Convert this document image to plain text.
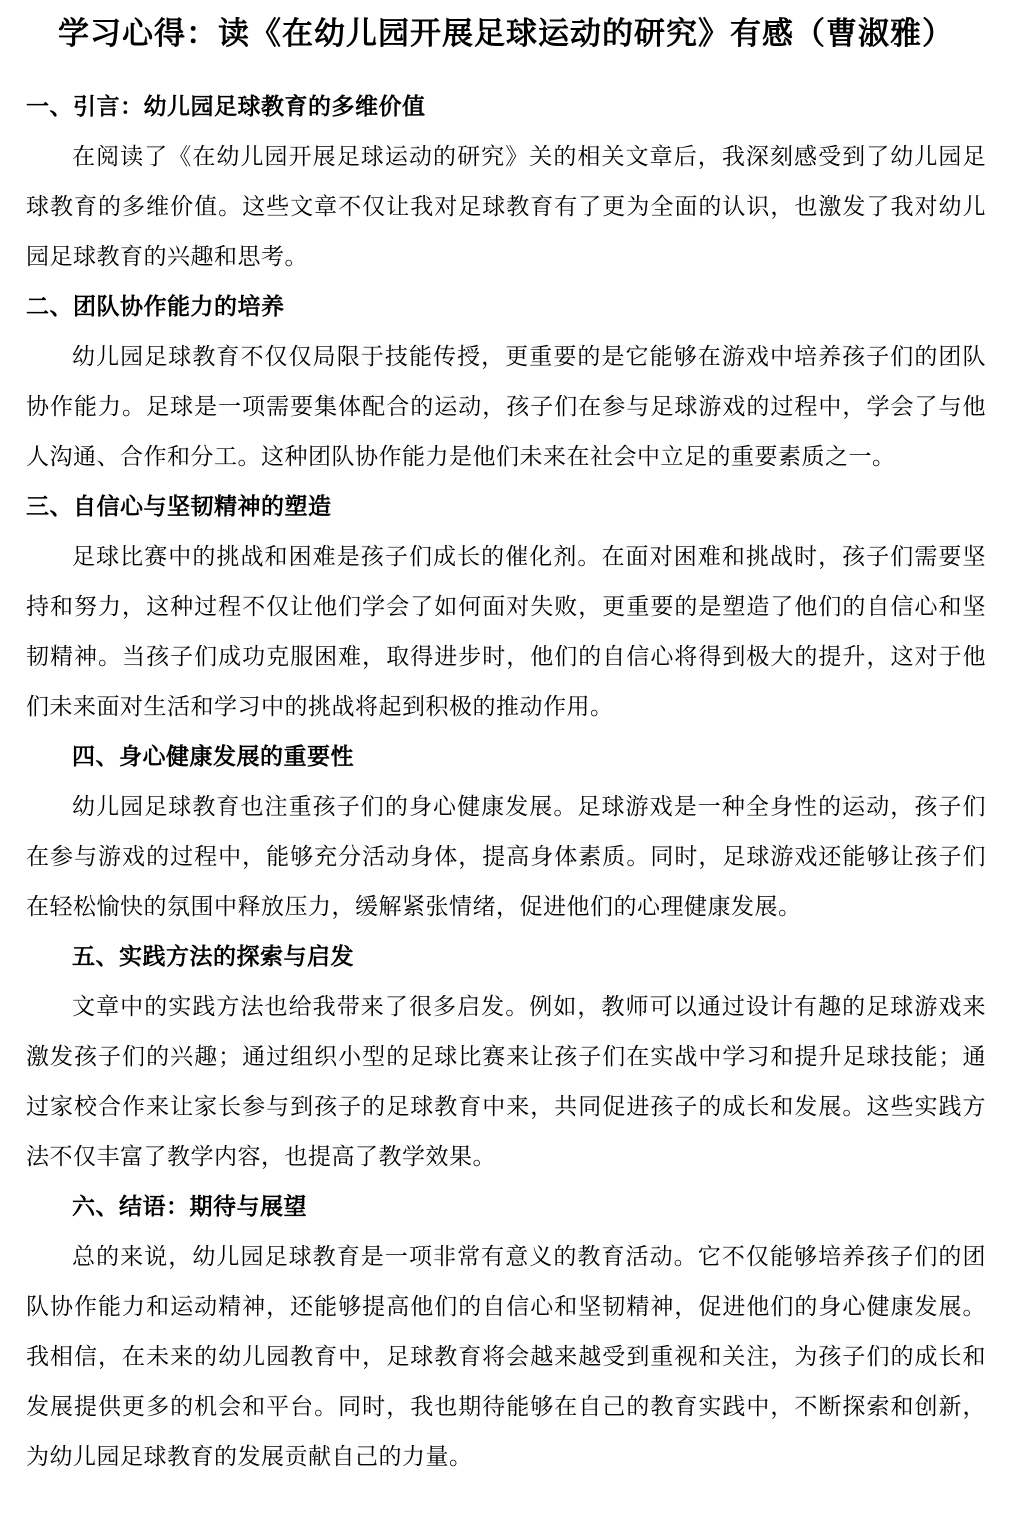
学习心得：读《在幼儿园开展足球运动的研究》有感（曹淑雅）
一、引言：幼儿园足球教育的多维价值

在阅读了《在幼儿园开展足球运动的研究》关的相关文章后，我深刻感受到了幼儿园足球教育的多维价值。这些文章不仅让我对足球教育有了更为全面的认识，也激发了我对幼儿园足球教育的兴趣和思考。

二、团队协作能力的培养

幼儿园足球教育不仅仅局限于技能传授，更重要的是它能够在游戏中培养孩子们的团队协作能力。足球是一项需要集体配合的运动，孩子们在参与足球游戏的过程中，学会了与他人沟通、合作和分工。这种团队协作能力是他们未来在社会中立足的重要素质之一。

三、自信心与坚韧精神的塑造

足球比赛中的挑战和困难是孩子们成长的催化剂。在面对困难和挑战时，孩子们需要坚持和努力，这种过程不仅让他们学会了如何面对失败，更重要的是塑造了他们的自信心和坚韧精神。当孩子们成功克服困难，取得进步时，他们的自信心将得到极大的提升，这对于他们未来面对生活和学习中的挑战将起到积极的推动作用。

四、身心健康发展的重要性

幼儿园足球教育也注重孩子们的身心健康发展。足球游戏是一种全身性的运动，孩子们在参与游戏的过程中，能够充分活动身体，提高身体素质。同时，足球游戏还能够让孩子们在轻松愉快的氛围中释放压力，缓解紧张情绪，促进他们的心理健康发展。

五、实践方法的探索与启发

文章中的实践方法也给我带来了很多启发。例如，教师可以通过设计有趣的足球游戏来激发孩子们的兴趣；通过组织小型的足球比赛来让孩子们在实战中学习和提升足球技能；通过家校合作来让家长参与到孩子的足球教育中来，共同促进孩子的成长和发展。这些实践方法不仅丰富了教学内容，也提高了教学效果。

六、结语：期待与展望

总的来说，幼儿园足球教育是一项非常有意义的教育活动。它不仅能够培养孩子们的团队协作能力和运动精神，还能够提高他们的自信心和坚韧精神，促进他们的身心健康发展。我相信，在未来的幼儿园教育中，足球教育将会越来越受到重视和关注，为孩子们的成长和发展提供更多的机会和平台。同时，我也期待能够在自己的教育实践中，不断探索和创新，为幼儿园足球教育的发展贡献自己的力量。
